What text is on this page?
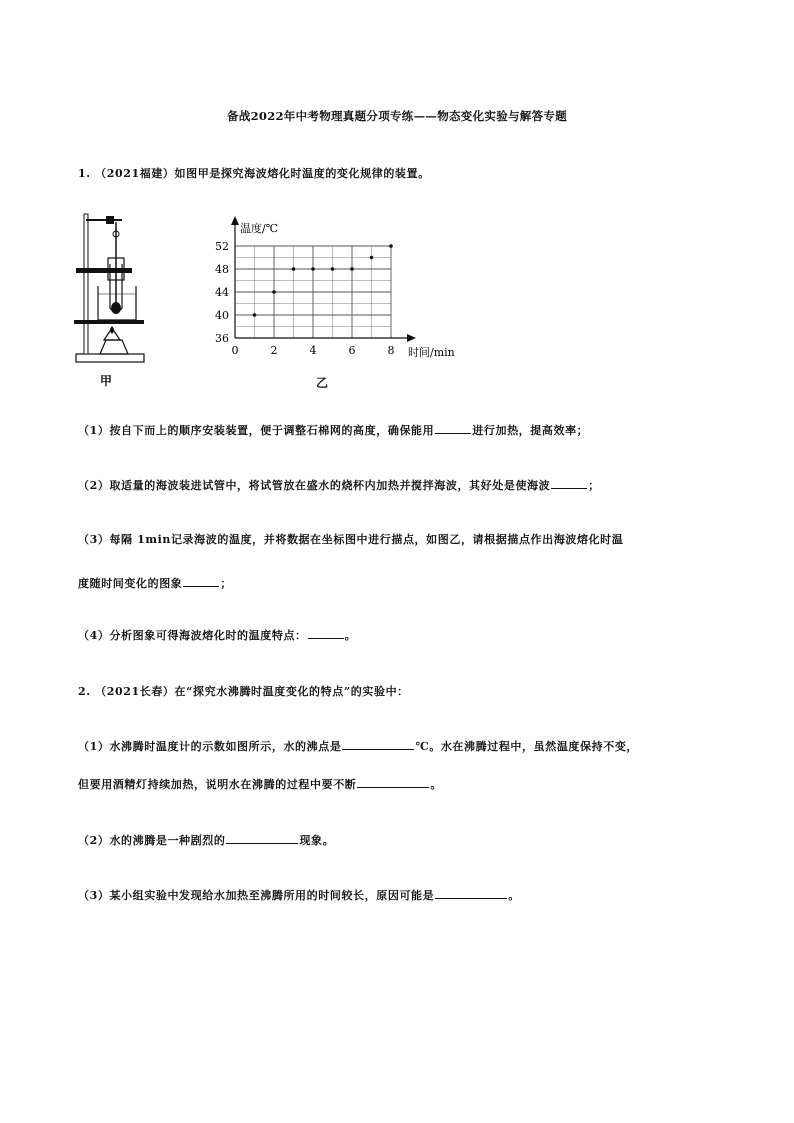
备战2022年中考物理真题分项专练——物态变化实验与解答专题
1. （2021福建）如图甲是探究海波熔化时温度的变化规律的装置。
甲
温度/℃
时间/min
0	2	4	6	8
36
40
44
48
52
乙
（1）按自下而上的顺序安装装置，便于调整石棉网的高度，确保能用	进行加热，提高效率；
（2）取适量的海波装进试管中，将试管放在盛水的烧杯内加热并搅拌海波，其好处是使海波	；
（3）每隔 1min记录海波的温度，并将数据在坐标图中进行描点，如图乙，请根据描点作出海波熔化时温
度随时间变化的图象	；
（4）分析图象可得海波熔化时的温度特点：	。
2. （2021长春）在“探究水沸腾时温度变化的特点”的实验中：
（1）水沸腾时温度计的示数如图所示，水的沸点是	℃。水在沸腾过程中，虽然温度保持不变，
但要用酒精灯持续加热，说明水在沸腾的过程中要不断	。
（2）水的沸腾是一种剧烈的	现象。
（3）某小组实验中发现给水加热至沸腾所用的时间较长，原因可能是	。
